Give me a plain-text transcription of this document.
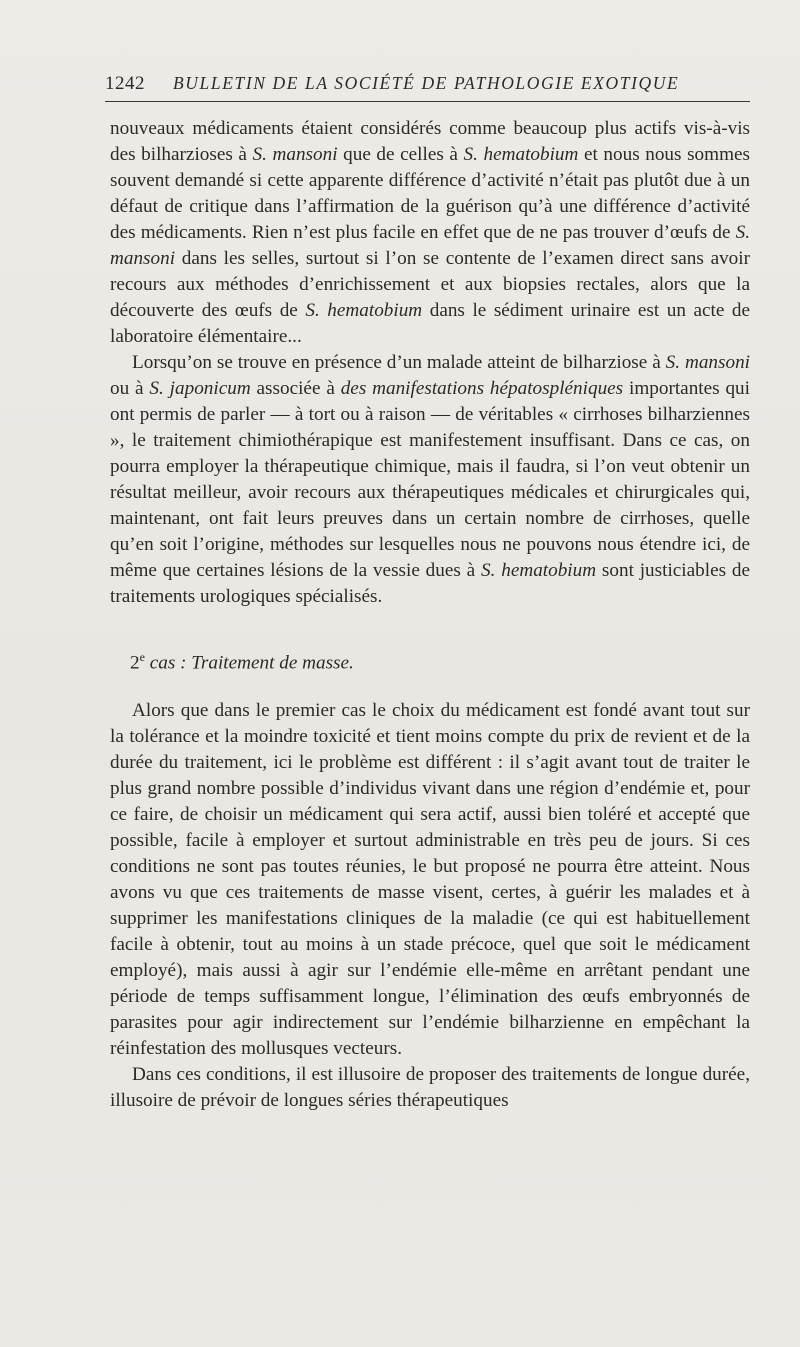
1242 BULLETIN DE LA SOCIÉTÉ DE PATHOLOGIE EXOTIQUE

nouveaux médicaments étaient considérés comme beaucoup plus actifs vis-à-vis des bilharzioses à S. mansoni que de celles à S. hematobium et nous nous sommes souvent demandé si cette apparente différence d’activité n’était pas plutôt due à un défaut de critique dans l’affirmation de la guérison qu’à une différence d’activité des médicaments. Rien n’est plus facile en effet que de ne pas trouver d’œufs de S. mansoni dans les selles, surtout si l’on se contente de l’examen direct sans avoir recours aux méthodes d’enrichissement et aux biopsies rectales, alors que la découverte des œufs de S. hematobium dans le sédiment urinaire est un acte de laboratoire élémentaire...

Lorsqu’on se trouve en présence d’un malade atteint de bilharziose à S. mansoni ou à S. japonicum associée à des manifestations hépatospléniques importantes qui ont permis de parler — à tort ou à raison — de véritables « cirrhoses bilharziennes », le traitement chimiothérapique est manifestement insuffisant. Dans ce cas, on pourra employer la thérapeutique chimique, mais il faudra, si l’on veut obtenir un résultat meilleur, avoir recours aux thérapeutiques médicales et chirurgicales qui, maintenant, ont fait leurs preuves dans un certain nombre de cirrhoses, quelle qu’en soit l’origine, méthodes sur lesquelles nous ne pouvons nous étendre ici, de même que certaines lésions de la vessie dues à S. hematobium sont justiciables de traitements urologiques spécialisés.

2e cas : Traitement de masse.

Alors que dans le premier cas le choix du médicament est fondé avant tout sur la tolérance et la moindre toxicité et tient moins compte du prix de revient et de la durée du traitement, ici le problème est différent : il s’agit avant tout de traiter le plus grand nombre possible d’individus vivant dans une région d’endémie et, pour ce faire, de choisir un médicament qui sera actif, aussi bien toléré et accepté que possible, facile à employer et surtout administrable en très peu de jours. Si ces conditions ne sont pas toutes réunies, le but proposé ne pourra être atteint. Nous avons vu que ces traitements de masse visent, certes, à guérir les malades et à supprimer les manifestations cliniques de la maladie (ce qui est habituellement facile à obtenir, tout au moins à un stade précoce, quel que soit le médicament employé), mais aussi à agir sur l’endémie elle-même en arrêtant pendant une période de temps suffisamment longue, l’élimination des œufs embryonnés de parasites pour agir indirectement sur l’endémie bilharzienne en empêchant la réinfestation des mollusques vecteurs.

Dans ces conditions, il est illusoire de proposer des traitements de longue durée, illusoire de prévoir de longues séries thérapeutiques
